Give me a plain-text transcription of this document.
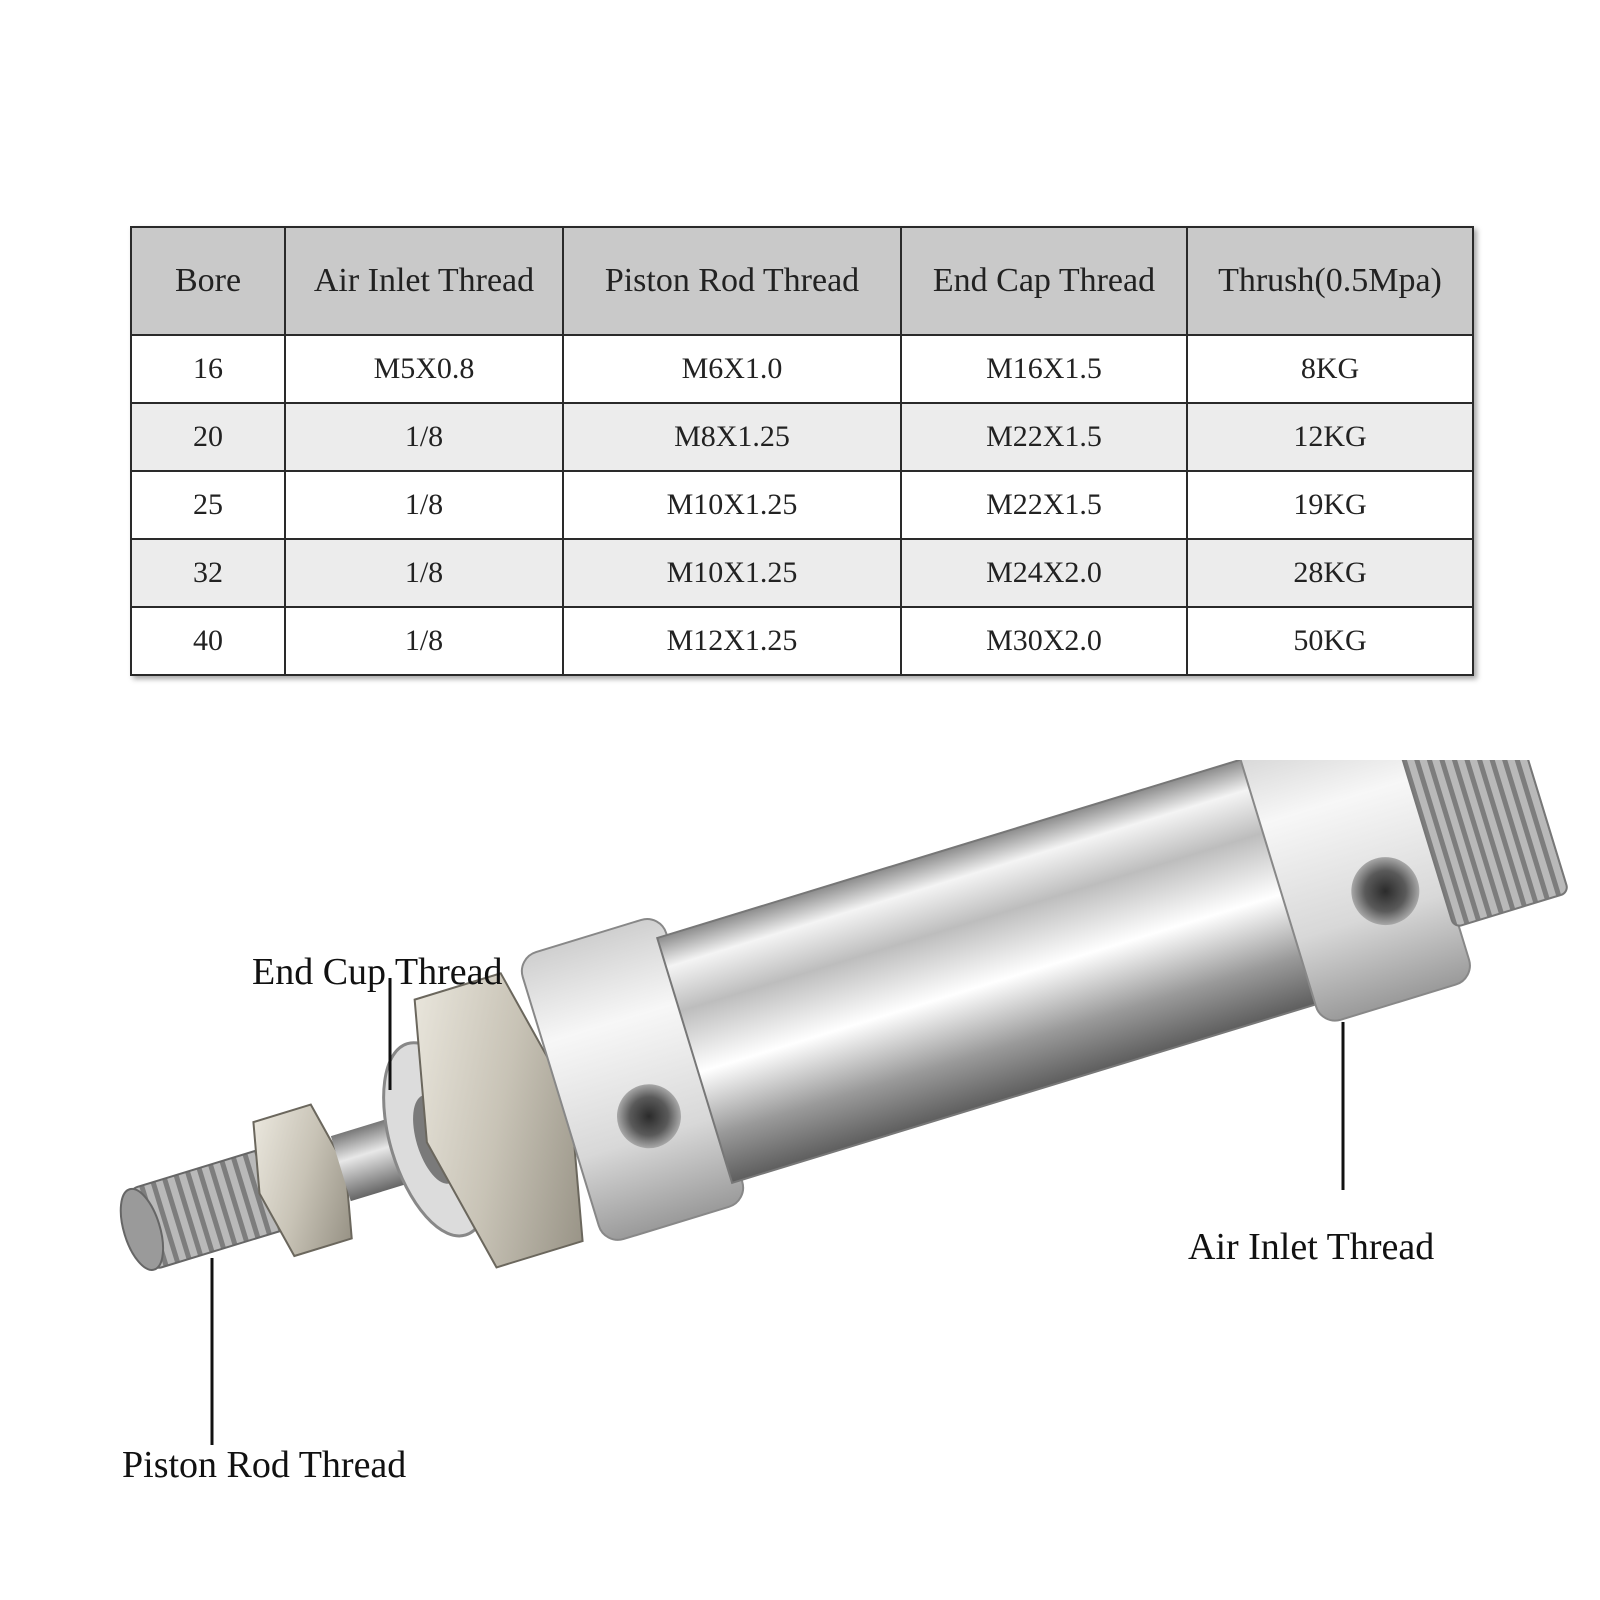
Bore	Air Inlet Thread	Piston Rod Thread	End Cap Thread	Thrush(0.5Mpa)
16	M5X0.8	M6X1.0	M16X1.5	8KG
20	1/8	M8X1.25	M22X1.5	12KG
25	1/8	M10X1.25	M22X1.5	19KG
32	1/8	M10X1.25	M24X2.0	28KG
40	1/8	M12X1.25	M30X2.0	50KG
End Cup Thread
Air Inlet Thread
Piston Rod Thread
